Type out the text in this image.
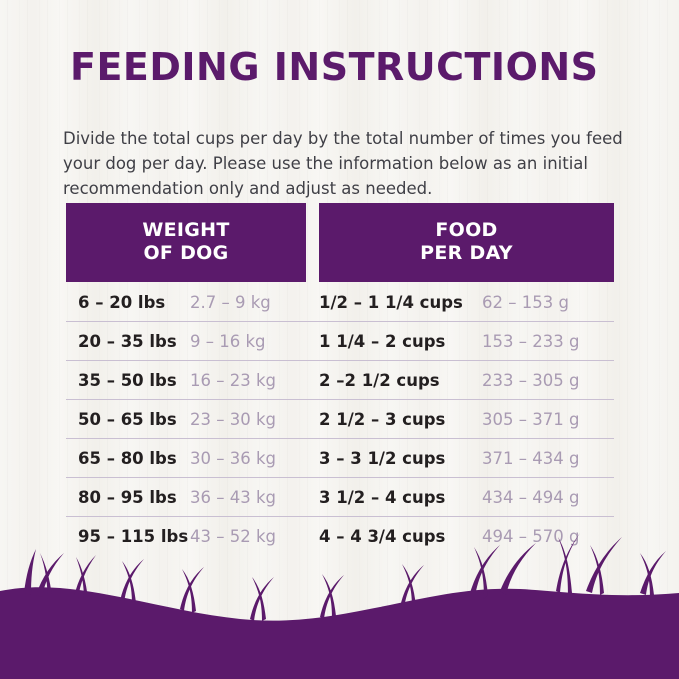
FEEDING INSTRUCTIONS
Divide the total cups per day by the total number of times you feed your dog per day. Please use the information below as an initial recommendation only and adjust as needed.
WEIGHT
OF DOG
FOOD
PER DAY
6 – 20 lbs	2.7 – 9 kg	1/2 – 1 1/4 cups	62 – 153 g
20 – 35 lbs 9 – 16 kg	1 1/4 – 2 cups	153 – 233 g
35 – 50 lbs 16 – 23 kg	2 –2 1/2 cups	233 – 305 g
50 – 65 lbs 23 – 30 kg	2 1/2 – 3 cups	305 – 371 g
65 – 80 lbs 30 – 36 kg	3 – 3 1/2 cups	371 – 434 g
80 – 95 lbs 36 – 43 kg	3 1/2 – 4 cups	434 – 494 g
95 – 115 lbs 43 – 52 kg	4 – 4 3/4 cups	494 – 570 g
